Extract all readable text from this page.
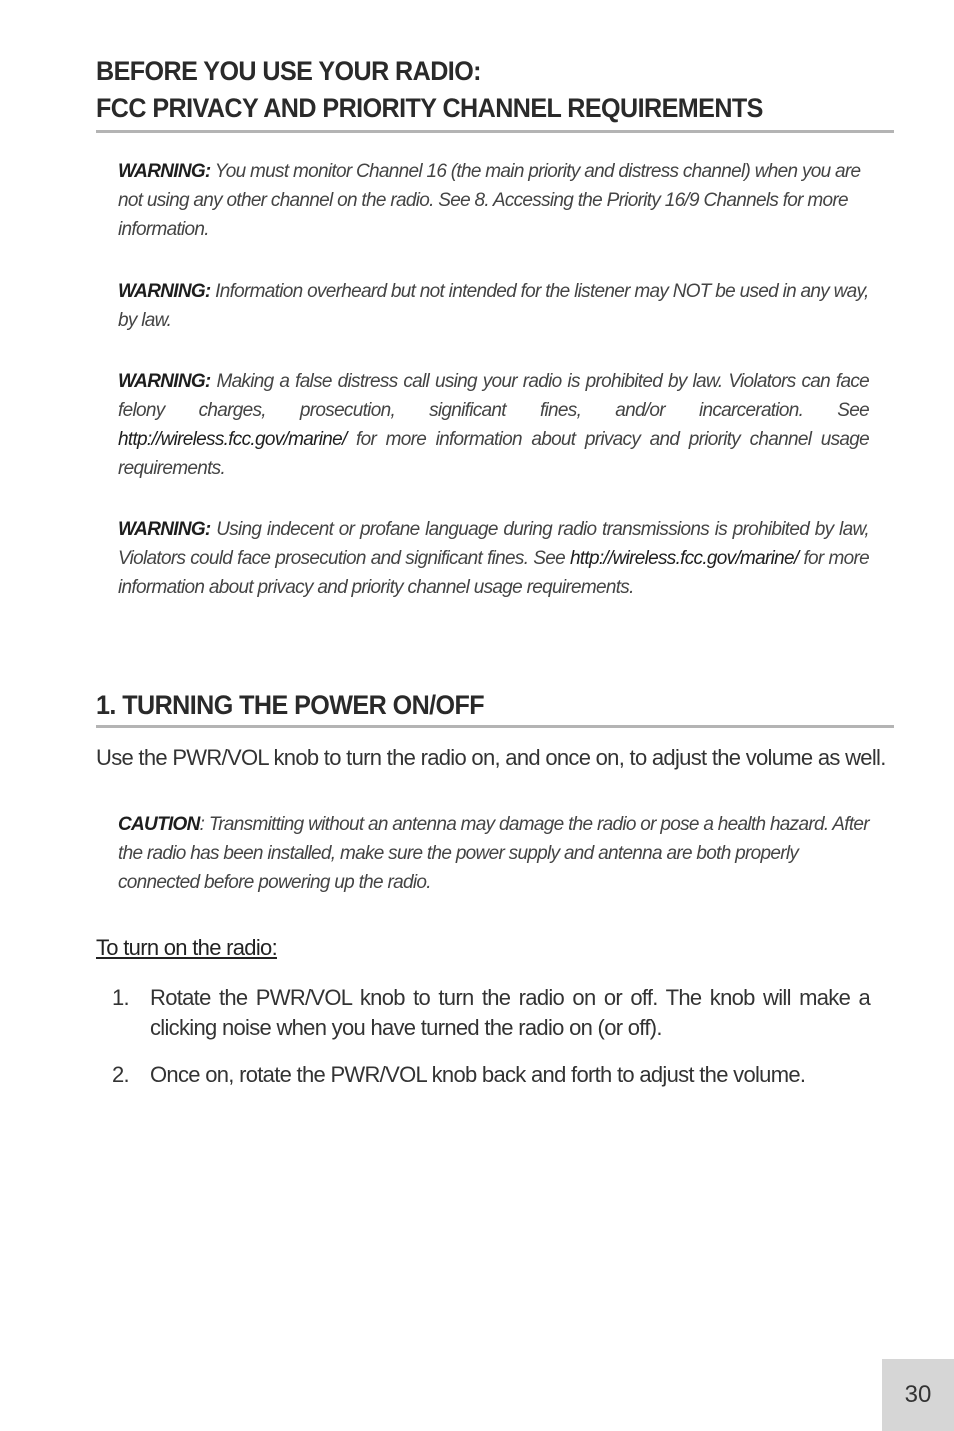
BEFORE YOU USE YOUR RADIO:
FCC PRIVACY AND PRIORITY CHANNEL REQUIREMENTS

WARNING: You must monitor Channel 16 (the main priority and distress channel) when you are not using any other channel on the radio. See 8. Accessing the Priority 16/9 Channels for more information.

WARNING: Information overheard but not intended for the listener may NOT be used in any way, by law.

WARNING: Making a false distress call using your radio is prohibited by law. Violators can face felony charges, prosecution, significant fines, and/or incarceration. See http://wireless.fcc.gov/marine/ for more information about privacy and priority channel usage requirements.

WARNING: Using indecent or profane language during radio transmissions is prohibited by law, Violators could face prosecution and significant fines. See http://wireless.fcc.gov/marine/ for more information about privacy and priority channel usage requirements.

1. TURNING THE POWER ON/OFF

Use the PWR/VOL knob to turn the radio on, and once on, to adjust the volume as well.

CAUTION: Transmitting without an antenna may damage the radio or pose a health hazard. After the radio has been installed, make sure the power supply and antenna are both properly connected before powering up the radio.

To turn on the radio:

1. Rotate the PWR/VOL knob to turn the radio on or off. The knob will make a clicking noise when you have turned the radio on (or off).
2. Once on, rotate the PWR/VOL knob back and forth to adjust the volume.
30
